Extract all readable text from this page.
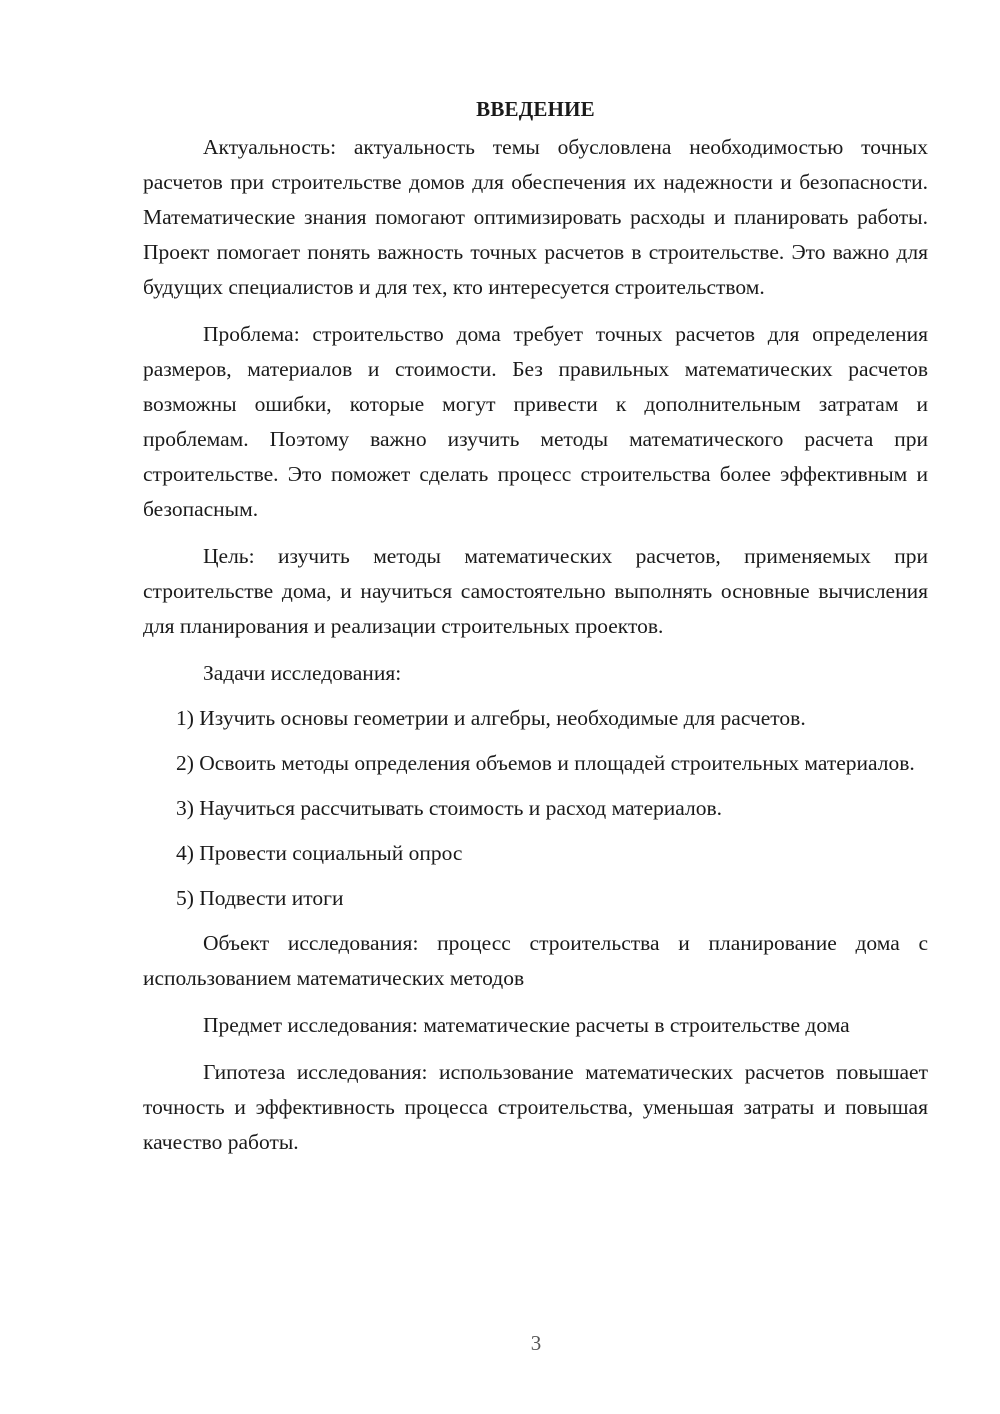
ВВЕДЕНИЕ

Актуальность: актуальность темы обусловлена необходимостью точных расчетов при строительстве домов для обеспечения их надежности и безопасности. Математические знания помогают оптимизировать расходы и планировать работы. Проект помогает понять важность точных расчетов в строительстве. Это важно для будущих специалистов и для тех, кто интересуется строительством.

Проблема: строительство дома требует точных расчетов для определения размеров, материалов и стоимости. Без правильных математических расчетов возможны ошибки, которые могут привести к дополнительным затратам и проблемам. Поэтому важно изучить методы математического расчета при строительстве. Это поможет сделать процесс строительства более эффективным и безопасным.

Цель: изучить методы математических расчетов, применяемых при строительстве дома, и научиться самостоятельно выполнять основные вычисления для планирования и реализации строительных проектов.

Задачи исследования:

1) Изучить основы геометрии и алгебры, необходимые для расчетов.

2) Освоить методы определения объемов и площадей строительных материалов.

3) Научиться рассчитывать стоимость и расход материалов.

4) Провести социальный опрос

5) Подвести итоги

Объект исследования: процесс строительства и планирование дома с использованием математических методов

Предмет исследования: математические расчеты в строительстве дома

Гипотеза исследования: использование математических расчетов повышает точность и эффективность процесса строительства, уменьшая затраты и повышая качество работы.

3
